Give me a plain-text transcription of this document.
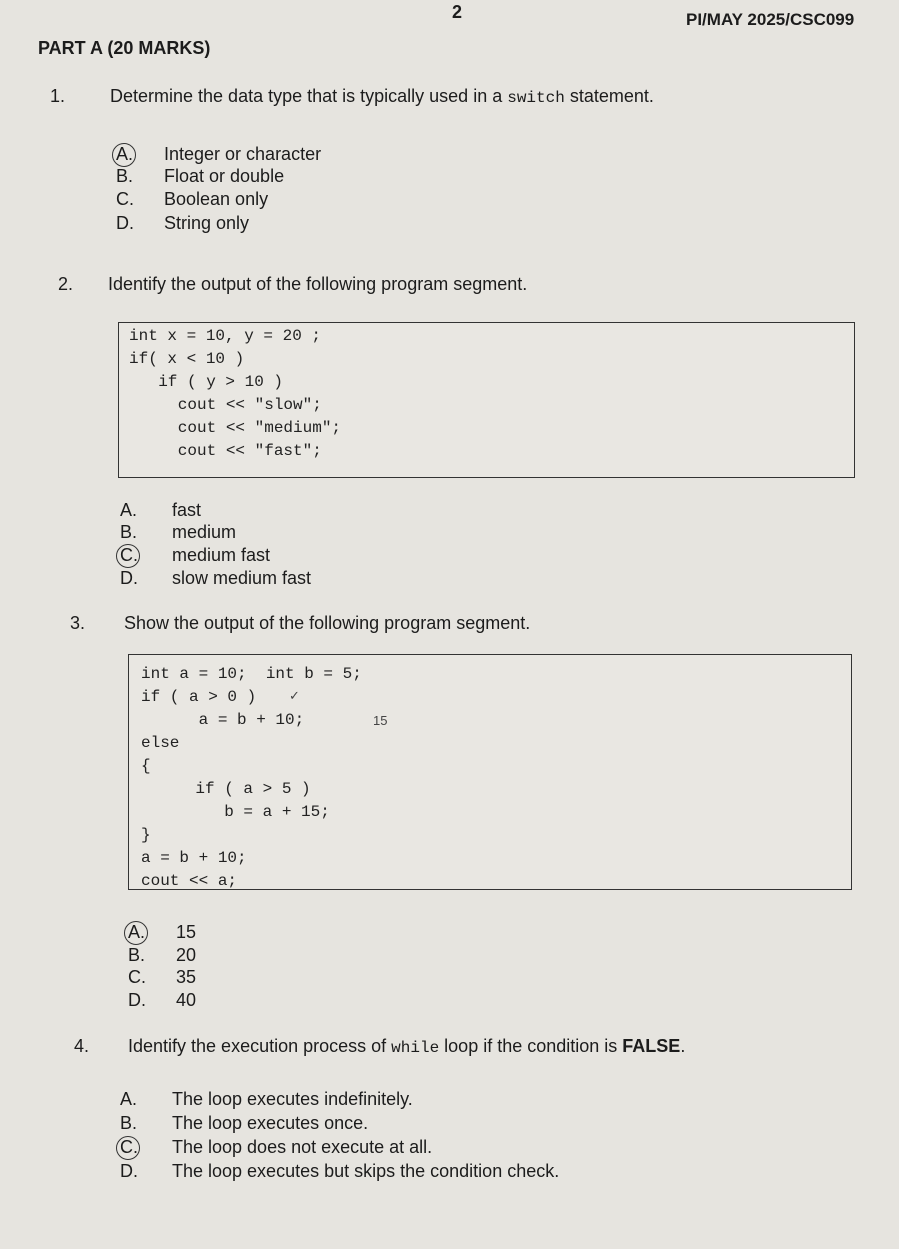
2	PI/MAY 2025/CSC099
PART A (20 MARKS)
1. Determine the data type that is typically used in a switch statement.
A. Integer or character
B. Float or double
C. Boolean only
D. String only
2. Identify the output of the following program segment.
int x = 10, y = 20 ;
if( x < 10 )
if ( y > 10 )
cout << "slow";
cout << "medium";
cout << "fast";
A. fast
B. medium
C. medium fast
D. slow medium fast
3. Show the output of the following program segment.
int a = 10;  int b = 5;
if ( a > 0 )
a = b + 10;
else
{
if ( a > 5 )
b = a + 15;
}
a = b + 10;
cout << a;
✓
15
A. 15
B. 20
C. 35
D. 40
4. Identify the execution process of while loop if the condition is FALSE.
A. The loop executes indefinitely.
B. The loop executes once.
C. The loop does not execute at all.
D. The loop executes but skips the condition check.
